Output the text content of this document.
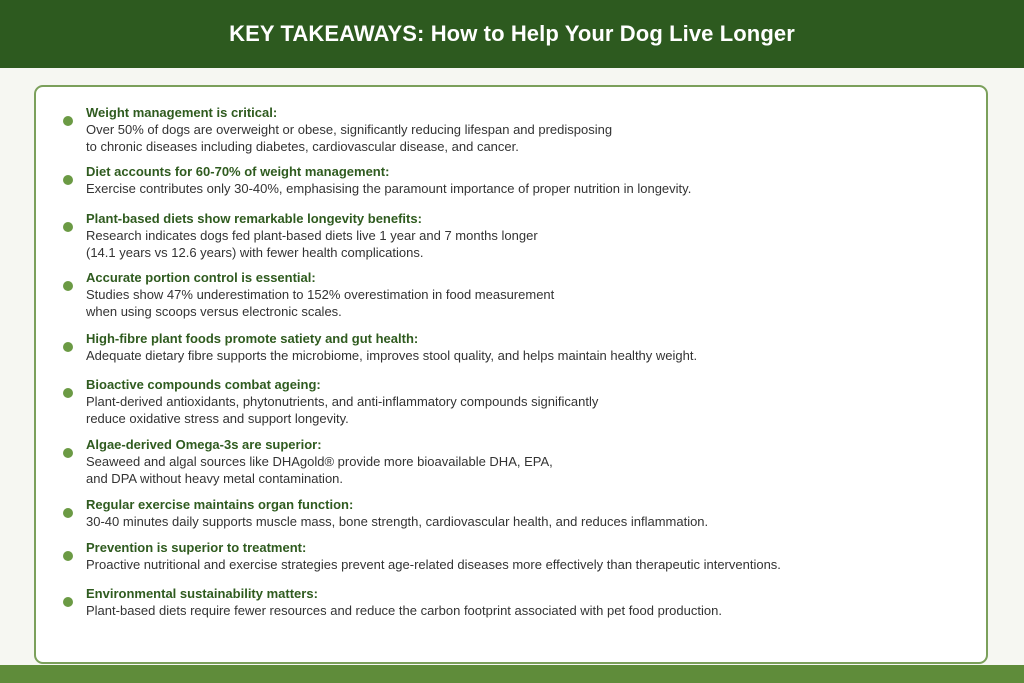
KEY TAKEAWAYS: How to Help Your Dog Live Longer
Weight management is critical:
Over 50% of dogs are overweight or obese, significantly reducing lifespan and predisposing
to chronic diseases including diabetes, cardiovascular disease, and cancer.
Diet accounts for 60-70% of weight management:
Exercise contributes only 30-40%, emphasising the paramount importance of proper nutrition in longevity.
Plant-based diets show remarkable longevity benefits:
Research indicates dogs fed plant-based diets live 1 year and 7 months longer
(14.1 years vs 12.6 years) with fewer health complications.
Accurate portion control is essential:
Studies show 47% underestimation to 152% overestimation in food measurement
when using scoops versus electronic scales.
High-fibre plant foods promote satiety and gut health:
Adequate dietary fibre supports the microbiome, improves stool quality, and helps maintain healthy weight.
Bioactive compounds combat ageing:
Plant-derived antioxidants, phytonutrients, and anti-inflammatory compounds significantly
reduce oxidative stress and support longevity.
Algae-derived Omega-3s are superior:
Seaweed and algal sources like DHAgold® provide more bioavailable DHA, EPA,
and DPA without heavy metal contamination.
Regular exercise maintains organ function:
30-40 minutes daily supports muscle mass, bone strength, cardiovascular health, and reduces inflammation.
Prevention is superior to treatment:
Proactive nutritional and exercise strategies prevent age-related diseases more effectively than therapeutic interventions.
Environmental sustainability matters:
Plant-based diets require fewer resources and reduce the carbon footprint associated with pet food production.
